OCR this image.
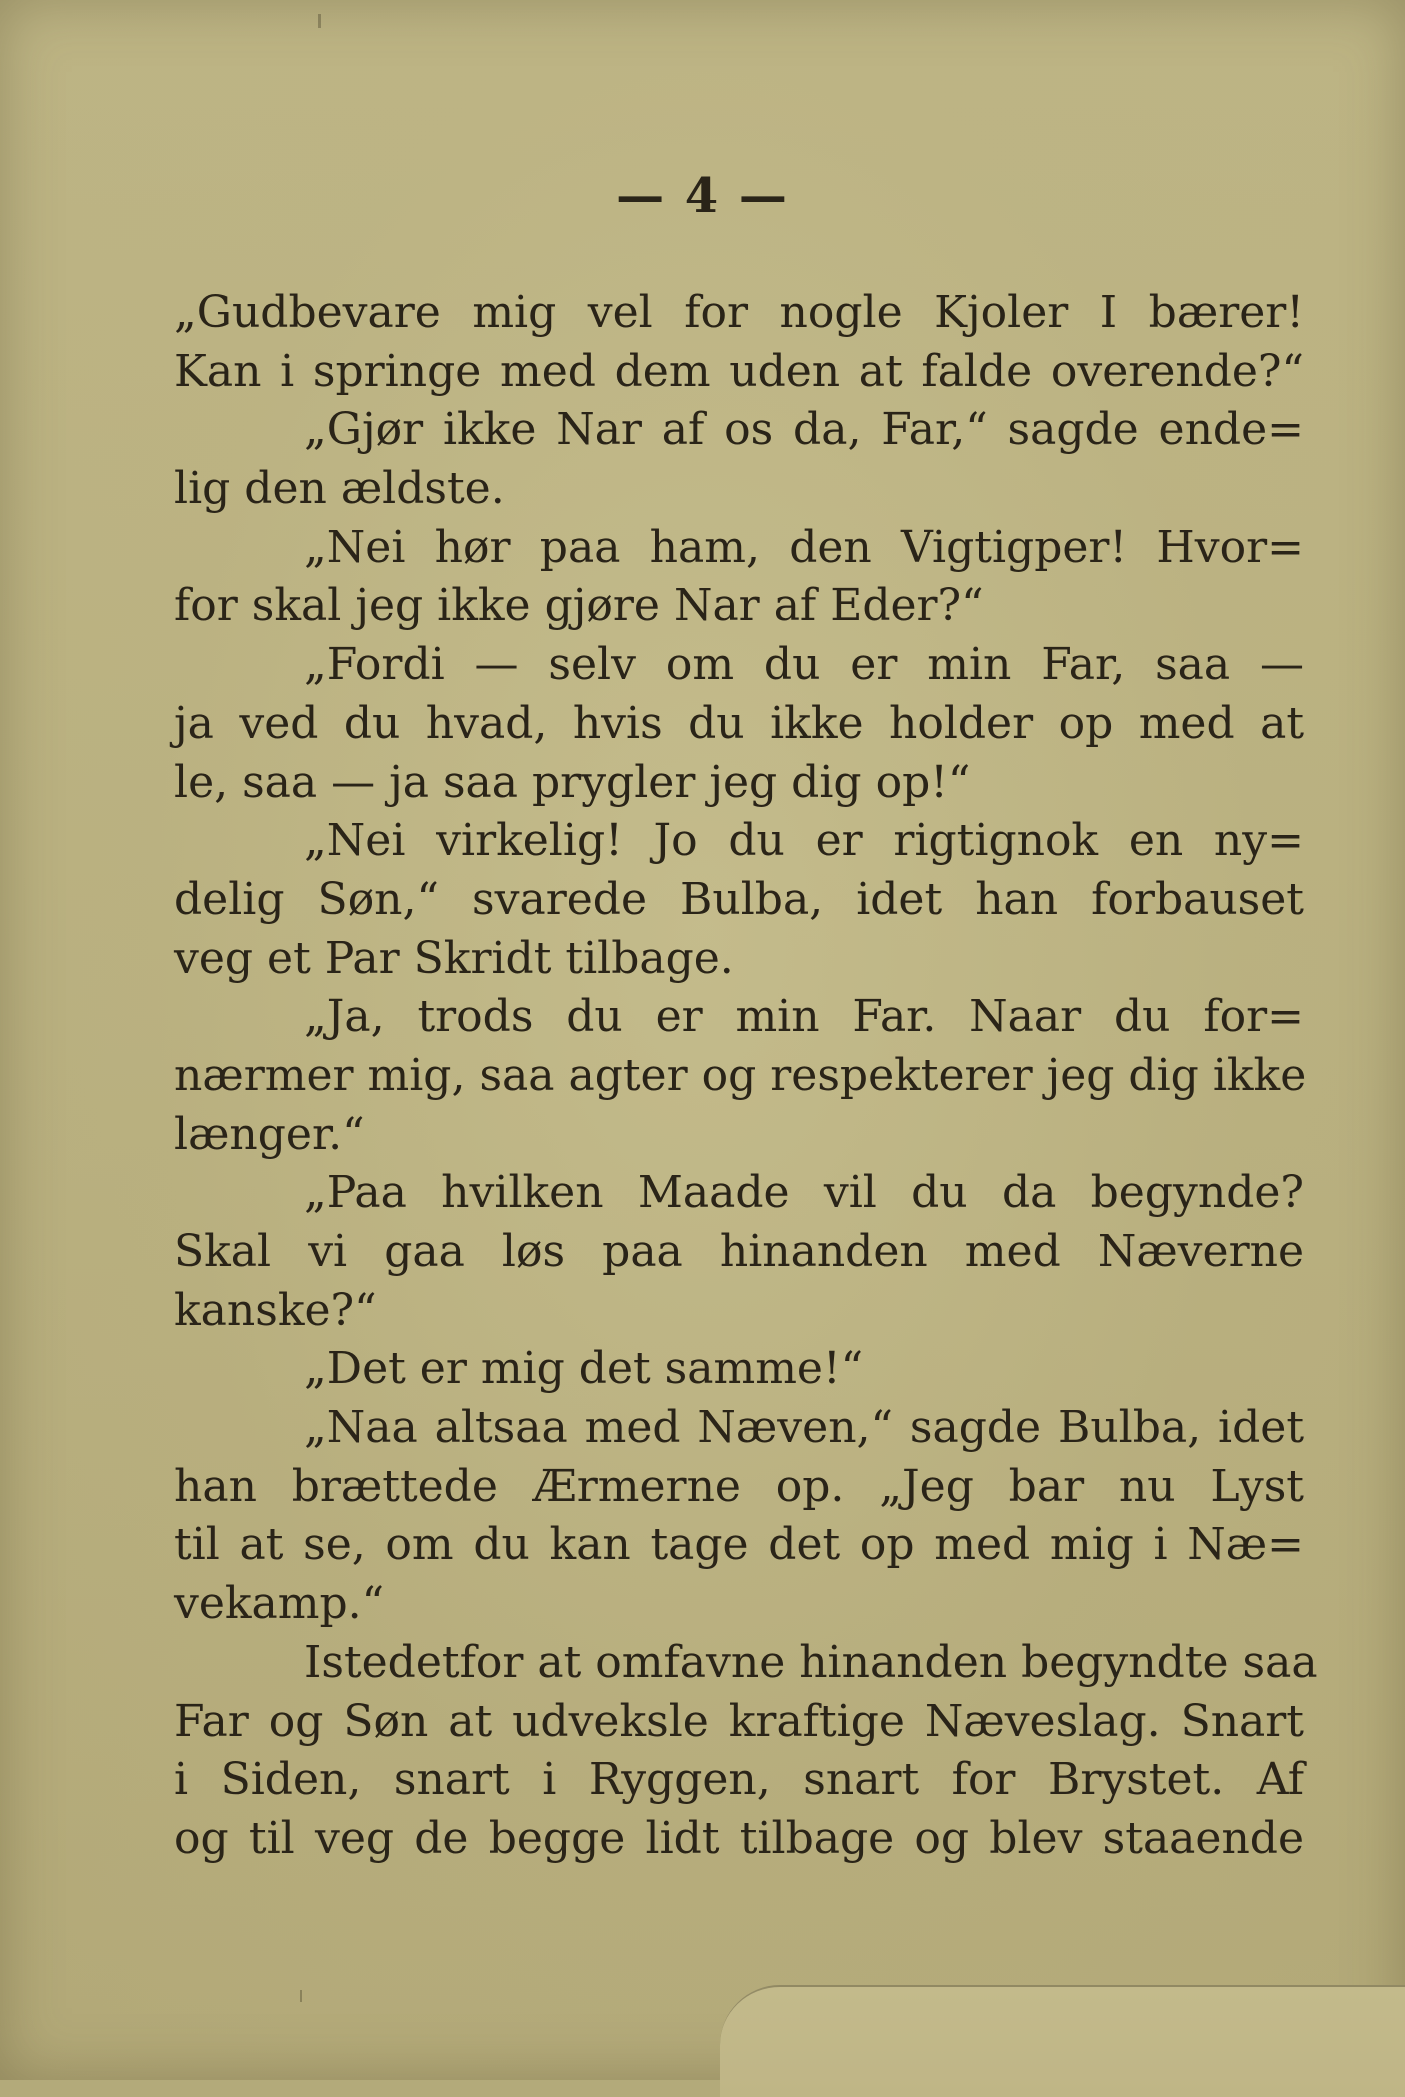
— 4 —
„Gudbevare mig vel for nogle Kjoler I bærer!
Kan i springe med dem uden at falde overende?“
„Gjør ikke Nar af os da, Far,“ sagde ende=
lig den ældste.
„Nei hør paa ham, den Vigtigper! Hvor=
for skal jeg ikke gjøre Nar af Eder?“
„Fordi — selv om du er min Far, saa —
ja ved du hvad, hvis du ikke holder op med at
le, saa — ja saa prygler jeg dig op!“
„Nei virkelig! Jo du er rigtignok en ny=
delig Søn,“ svarede Bulba, idet han forbauset
veg et Par Skridt tilbage.
„Ja, trods du er min Far. Naar du for=
nærmer mig, saa agter og respekterer jeg dig ikke
længer.“
„Paa hvilken Maade vil du da begynde?
Skal vi gaa løs paa hinanden med Næverne
kanske?“
„Det er mig det samme!“
„Naa altsaa med Næven,“ sagde Bulba, idet
han brættede Ærmerne op. „Jeg bar nu Lyst
til at se, om du kan tage det op med mig i Næ=
vekamp.“
Istedetfor at omfavne hinanden begyndte saa
Far og Søn at udveksle kraftige Næveslag. Snart
i Siden, snart i Ryggen, snart for Brystet. Af
og til veg de begge lidt tilbage og blev staaende
